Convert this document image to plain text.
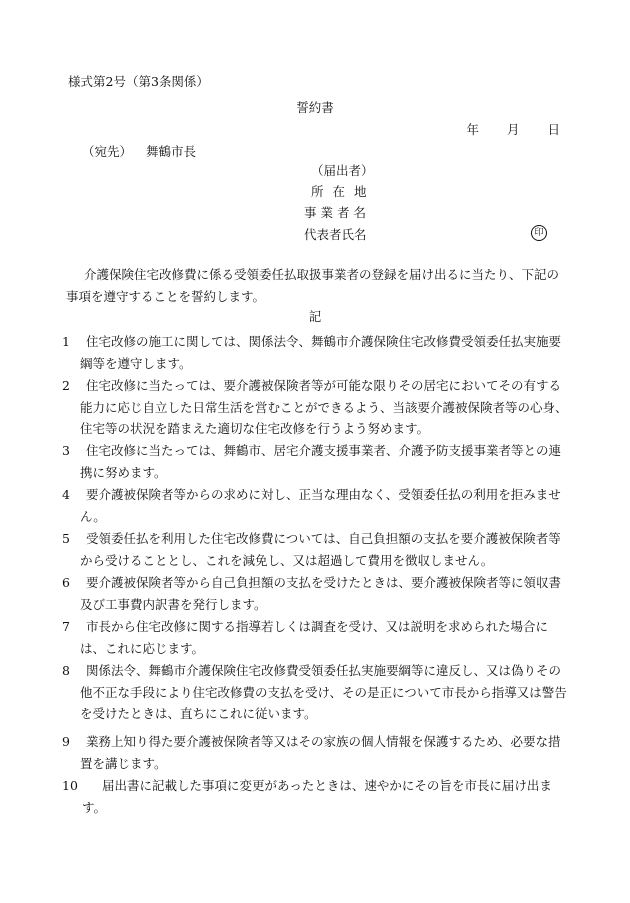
様式第2号（第3条関係）
誓約書
年 月 日
（宛先） 舞鶴市長
（届出者）
所在地
事業者名
代表者氏名	印
介護保険住宅改修費に係る受領委任払取扱事業者の登録を届け出るに当たり、下記の事項を遵守することを誓約します。
記
1	住宅改修の施工に関しては、関係法令、舞鶴市介護保険住宅改修費受領委任払実施要綱等を遵守します。
2	住宅改修に当たっては、要介護被保険者等が可能な限りその居宅においてその有する能力に応じ自立した日常生活を営むことができるよう、当該要介護被保険者等の心身、住宅等の状況を踏まえた適切な住宅改修を行うよう努めます。
3	住宅改修に当たっては、舞鶴市、居宅介護支援事業者、介護予防支援事業者等との連携に努めます。
4	要介護被保険者等からの求めに対し、正当な理由なく、受領委任払の利用を拒みません。
5	受領委任払を利用した住宅改修費については、自己負担額の支払を要介護被保険者等から受けることとし、これを減免し、又は超過して費用を徴収しません。
6	要介護被保険者等から自己負担額の支払を受けたときは、要介護被保険者等に領収書及び工事費内訳書を発行します。
7	市長から住宅改修に関する指導若しくは調査を受け、又は説明を求められた場合には、これに応じます。
8	関係法令、舞鶴市介護保険住宅改修費受領委任払実施要綱等に違反し、又は偽りその他不正な手段により住宅改修費の支払を受け、その是正について市長から指導又は警告を受けたときは、直ちにこれに従います。
9	業務上知り得た要介護被保険者等又はその家族の個人情報を保護するため、必要な措置を講じます。
10	届出書に記載した事項に変更があったときは、速やかにその旨を市長に届け出ます。
